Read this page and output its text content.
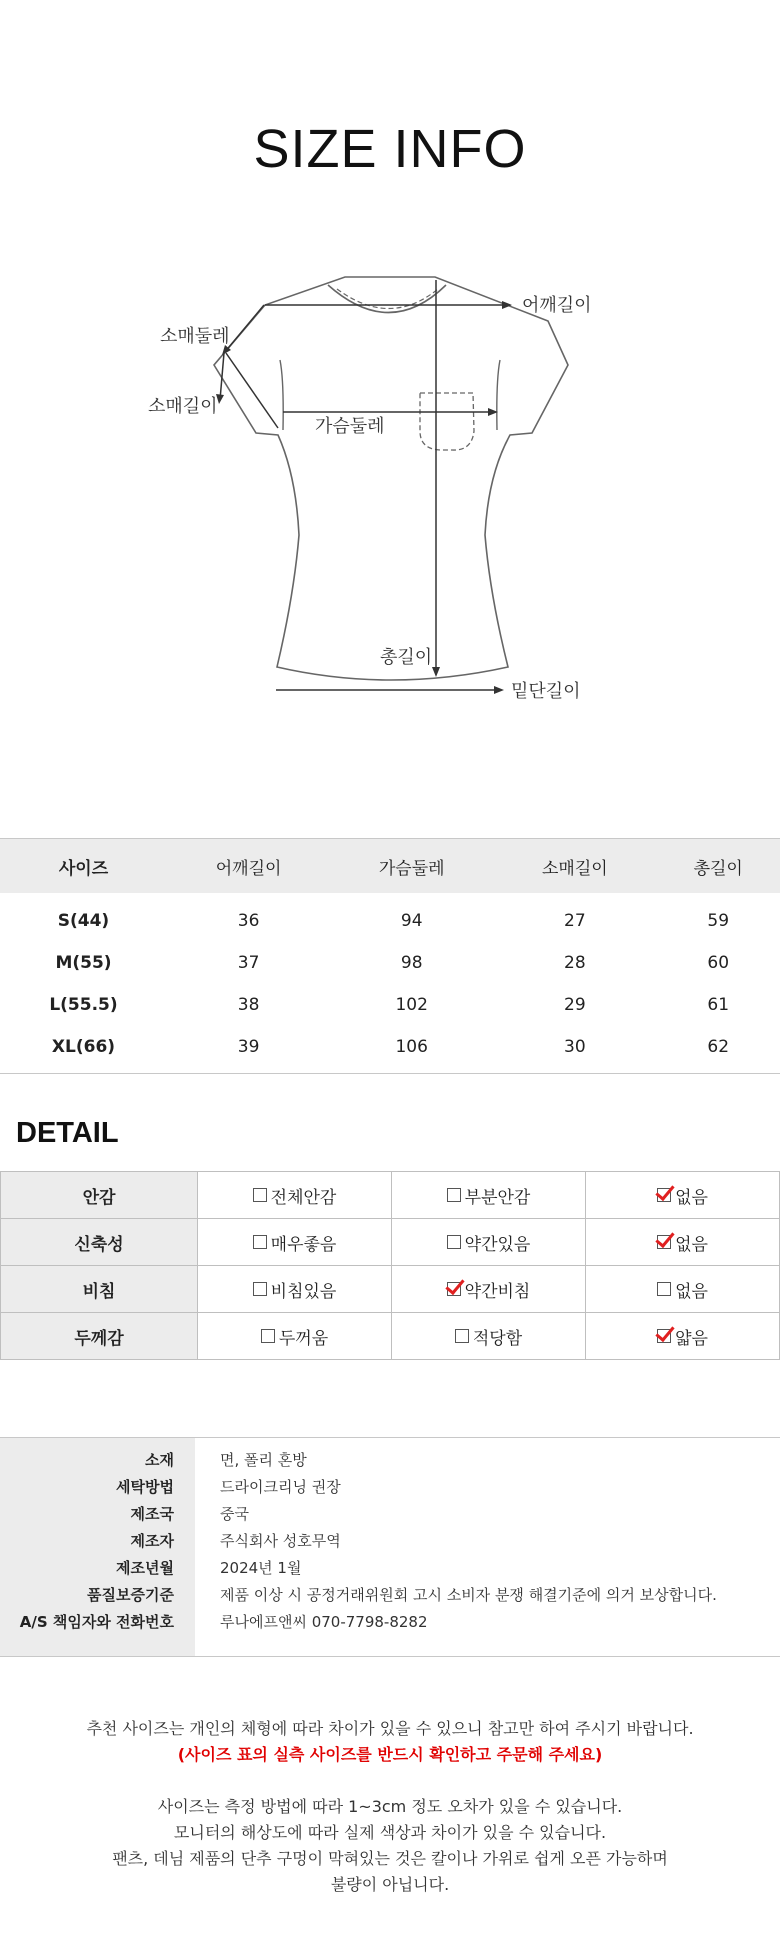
SIZE INFO
어깨길이
소매둘레
소매길이
가슴둘레
총길이
밑단길이
사이즈	어깨길이	가슴둘레	소매길이	총길이
S(44)	36	94	27	59
M(55)	37	98	28	60
L(55.5)	38	102	29	61
XL(66)	39	106	30	62
DETAIL
안감	전체안감	부분안감	없음

신축성	매우좋음	약간있음	없음

비침	비침있음	약간비침	없음

두께감	두꺼움	적당함	얇음
소재	면, 폴리 혼방
세탁방법	드라이크리닝 권장
제조국	중국
제조자	주식회사 성호무역
제조년월	2024년 1월
품질보증기준	제품 이상 시 공정거래위원회 고시 소비자 분쟁 해결기준에 의거 보상합니다.
A/S 책임자와 전화번호	루나에프앤씨 070-7798-8282
추천 사이즈는 개인의 체형에 따라 차이가 있을 수 있으니 참고만 하여 주시기 바랍니다.
(사이즈 표의 실측 사이즈를 반드시 확인하고 주문해 주세요)
사이즈는 측정 방법에 따라 1~3cm 정도 오차가 있을 수 있습니다.
모니터의 해상도에 따라 실제 색상과 차이가 있을 수 있습니다.
팬츠, 데님 제품의 단추 구멍이 막혀있는 것은 칼이나 가위로 쉽게 오픈 가능하며
불량이 아닙니다.
